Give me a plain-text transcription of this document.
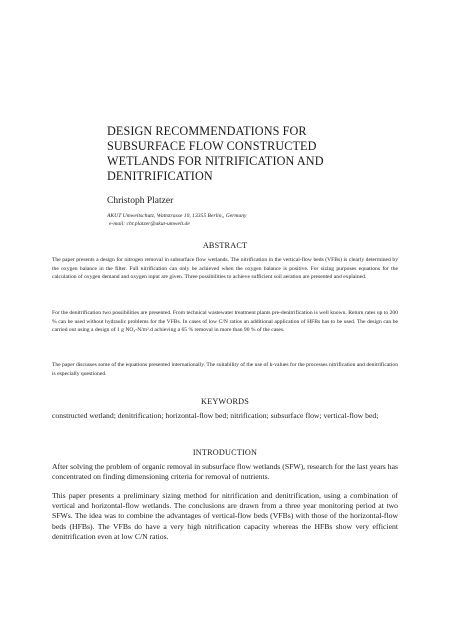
DESIGN RECOMMENDATIONS FOR SUBSURFACE FLOW CONSTRUCTED WETLANDS FOR NITRIFICATION AND DENITRIFICATION

Christoph Platzer

AKUT Umweltschutz, Wattstrasse 10, 13355 Berlin,, Germany
e-mail: chr.platzer@akut-umwelt.de
ABSTRACT

The paper presents a design for nitrogen removal in subsurface flow wetlands. The nitrification in the vertical-flow beds (VFBs) is clearly determined by the oxygen balance in the filter. Full nitrification can only be achieved when the oxygen balance is positive. For sizing purposes equations for the calculation of oxygen demand and oxygen input are given. Three possibilities to achieve sufficient soil aeration are presented and explained.

For the denitrification two possibilities are presented. From technical wastewater treatment plants pre-denitrification is well known. Return rates up to 200 % can be used without hydraulic problems for the VFBs. In cases of low C/N ratios an additional application of HFBs has to be used. The design can be carried out using a design of 1 g NO₃-N/m².d achieving a 65 % removal in more than 90 % of the cases.

The paper discusses some of the equations presented internationally. The suitability of the use of k-values for the processes nitrification and denitrification is especially questioned.

KEYWORDS

constructed wetland; denitrification; horizontal-flow bed; nitrification; subsurface flow; vertical-flow bed;

INTRODUCTION

After solving the problem of organic removal in subsurface flow wetlands (SFW), research for the last years has concentrated on finding dimensioning criteria for removal of nutrients.

This paper presents a preliminary sizing method for nitrification and denitrification, using a combination of vertical and horizontal-flow wetlands. The conclusions are drawn from a three year monitoring period at two SFWs. The idea was to combine the advantages of vertical-flow beds (VFBs) with those of the horizontal-flow beds (HFBs). The VFBs do have a very high nitrification capacity whereas the HFBs show very efficient denitrification even at low C/N ratios.
